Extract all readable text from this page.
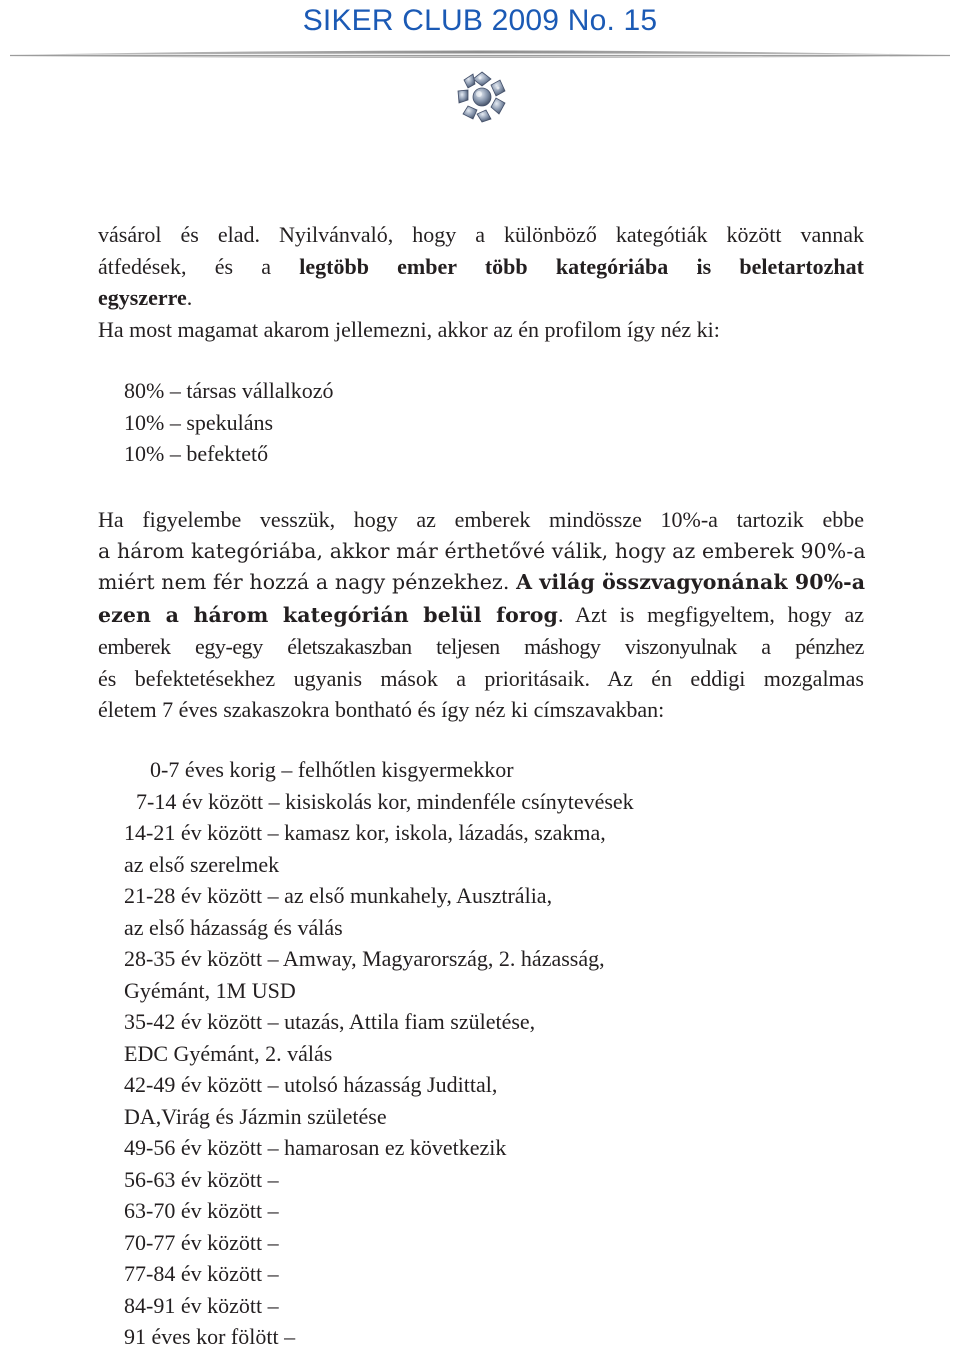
SIKER CLUB 2009 No. 15
vásárol és elad. Nyilvánvaló, hogy a különböző kategótiák között vannak
átfedések, és a legtöbb ember több kategóriába is beletartozhat
egyszerre.
Ha most magamat akarom jellemezni, akkor az én profilom így néz ki:
80% – társas vállalkozó
10% – spekuláns
10% – befektető
Ha figyelembe vesszük, hogy az emberek mindössze 10%-a tartozik ebbe
a három kategóriába, akkor már érthetővé válik, hogy az emberek 90%-a
miért nem fér hozzá a nagy pénzekhez. A világ összvagyonának 90%-a
ezen a három kategórián belül forog. Azt is megfigyeltem, hogy az
emberek egy-egy életszakaszban teljesen máshogy viszonyulnak a pénzhez
és befektetésekhez ugyanis mások a prioritásaik. Az én eddigi mozgalmas
életem 7 éves szakaszokra bontható és így néz ki címszavakban:
0-7 éves korig – felhőtlen kisgyermekkor
7-14 év között – kisiskolás kor, mindenféle csínytevések
14-21 év között – kamasz kor, iskola, lázadás, szakma,
az első szerelmek
21-28 év között – az első munkahely, Ausztrália,
az első házasság és válás
28-35 év között – Amway, Magyarország, 2. házasság,
Gyémánt, 1M USD
35-42 év között – utazás, Attila fiam születése,
EDC Gyémánt, 2. válás
42-49 év között – utolsó házasság Judittal,
DA,Virág és Jázmin születése
49-56 év között – hamarosan ez következik
56-63 év között –
63-70 év között –
70-77 év között –
77-84 év között –
84-91 év között –
91 éves kor fölött –
